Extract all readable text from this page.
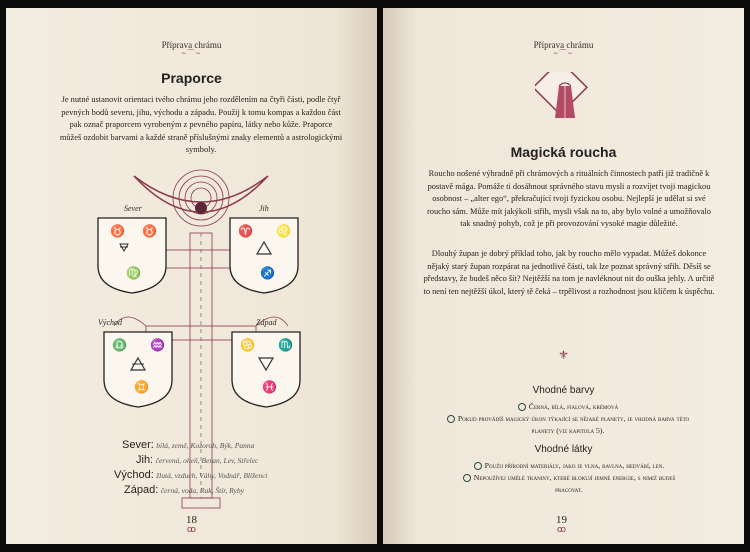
Příprava chrámu
~⌒~
Praporce
Je nutné ustanovit orientaci tvého chrámu jeho rozdělením na čtyři části, podle čtyř pevných bodů severu, jihu, východu a západu. Použij k tomu kompas a každou část pak označ praporcem vyrobeným z pevného papíru, látky nebo kůže. Praporce můžeš ozdobit barvami a každé straně příslušnými znaky elementů a astrologickými symboly.
Sever	Jih
Východ	Západ
♉ ♉
♍
♈ ♌
♐
♎ ♒
♊
♋ ♏
♓
Sever: bílá, země, Kozoroh, Býk, Panna
Jih: červená, oheň, Beran, Lev, Střelec
Východ: žlutá, vzduch, Váhy, Vodnář, Blíženci
Západ: černá, voda, Rak, Štír, Ryby
18
ꝏ
Příprava chrámu
~⌒~
Magická roucha
Roucho nošené výhradně při chrámových a rituálních činnostech patří již tradičně k postavě mága. Pomáže ti dosáhnout správného stavu mysli a rozvíjet tvoji magickou osobnost – „alter ego“, překračující tvoji fyzickou osobu. Nejlepší je udělat si své roucho sám. Může mít jakýkoli střih, mysli však na to, aby bylo volné a umožňovalo tak snadný pohyb, což je při provozování vysoké magie důležité.
Dlouhý župan je dobrý příklad toho, jak by roucho mělo vypadat. Můžeš dokonce nějaký starý župan rozpárat na jednotlivé části, tak lze poznat správný střih. Děsíš se představy, že budeš něco šít? Nejtěžší na tom je navléknout nit do ouška jehly. A určitě to není ten nejtěžší úkol, který tě čeká – trpělivost a rozhodnost jsou klíčem k úspěchu.
⚜
Vhodné barvy
Černá, bílá, fialová, krémová
Pokud provádíš magický úkon týkající se nějaké planety, je vhodná barva této planety (viz kapitola 5).
Vhodné látky
Použij přírodní materiály, jako je vlna, bavlna, hedvábí, len.
Nepoužívej umělé tkaniny, které blokují jemné energie, s nimiž budeš pracovat.
19
ꝏ
